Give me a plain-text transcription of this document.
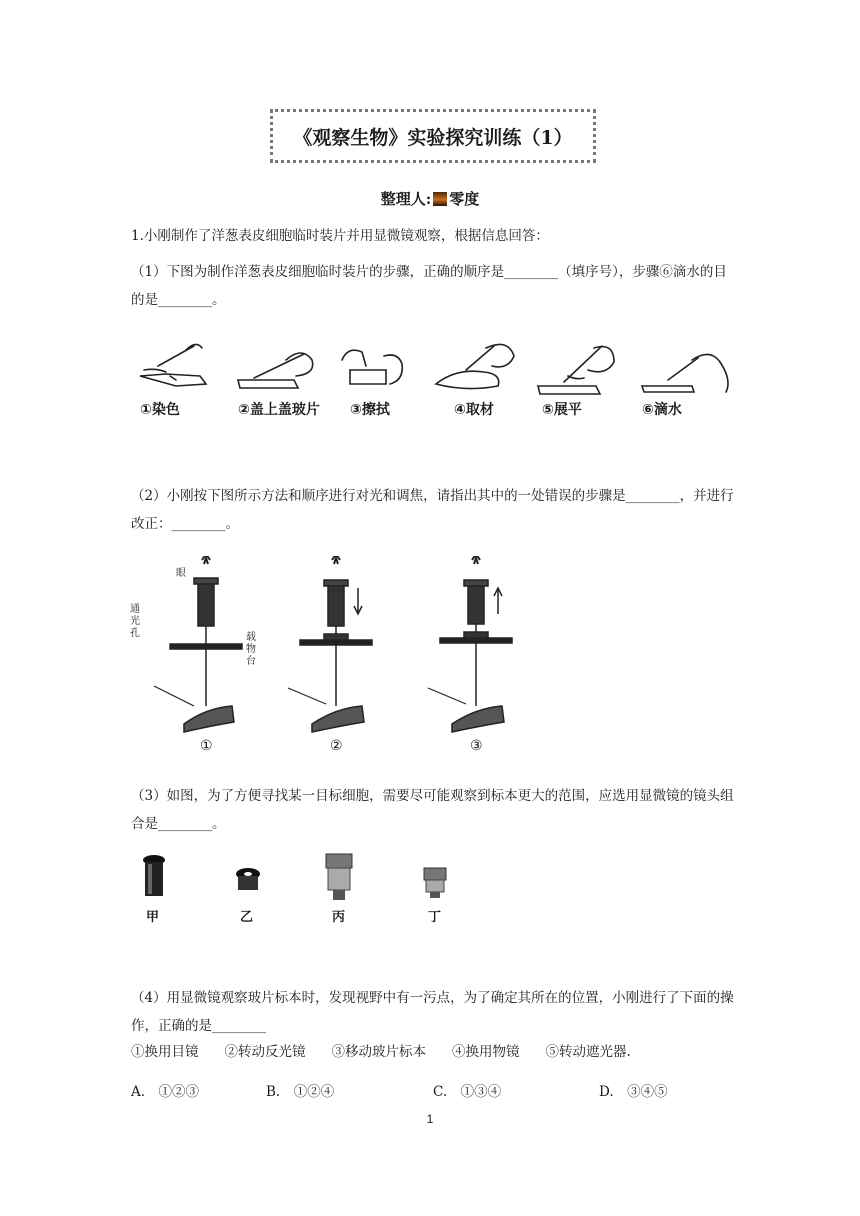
《观察生物》实验探究训练（1）
整理人: 零度
1.小刚制作了洋葱表皮细胞临时装片并用显微镜观察，根据信息回答：
（1）下图为制作洋葱表皮细胞临时装片的步骤，正确的顺序是________（填序号），步骤⑥滴水的目的是________。
①染色	②盖上盖玻片 ③擦拭	④取材	⑤展平	⑥滴水
（2）小刚按下图所示方法和顺序进行对光和调焦，请指出其中的一处错误的步骤是________，并进行改正：________。
眼
通光孔	载物台
①	②	③
（3）如图，为了方便寻找某一目标细胞，需要尽可能观察到标本更大的范围，应选用显微镜的镜头组合是________。
甲	乙	丙	丁
（4）用显微镜观察玻片标本时，发现视野中有一污点，为了确定其所在的位置，小刚进行了下面的操作，正确的是________
①换用目镜 ②转动反光镜 ③移动玻片标本 ④换用物镜 ⑤转动遮光器.
A.　①②③	B.　①②④	C.　①③④	D.　③④⑤
1
